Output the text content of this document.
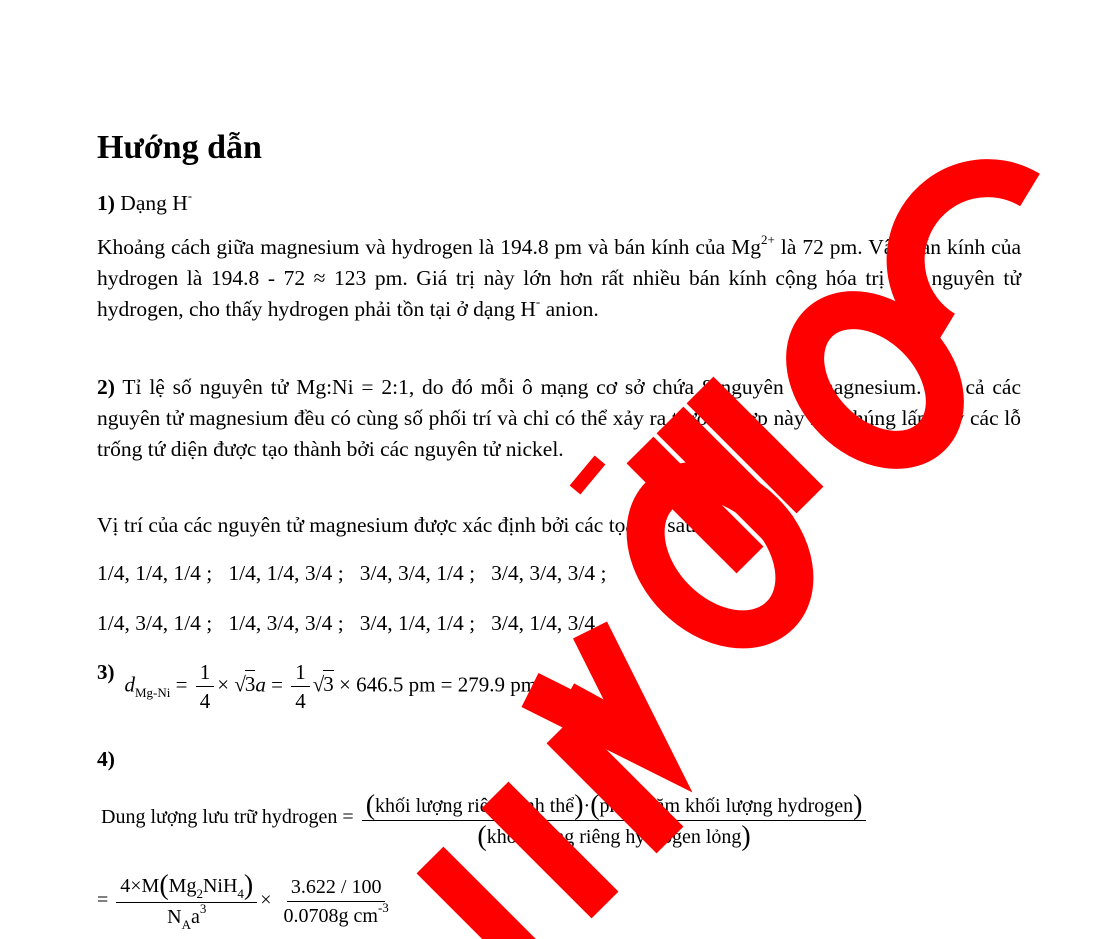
Hướng dẫn

1) Dạng H-

Khoảng cách giữa magnesium và hydrogen là 194.8 pm và bán kính của $Mg^{2+}$ là 72 pm. Vậy bán kính của hydrogen là 194.8 - 72 ≈ 123 pm. Giá trị này lớn hơn rất nhiều bán kính cộng hóa trị của nguyên tử hydrogen, cho thấy hydrogen phải tồn tại ở dạng H- anion.

2) Tỉ lệ số nguyên tử Mg:Ni = 2:1, do đó mỗi ô mạng cơ sở chứa 8 nguyên tử magnesium. Tất cả các nguyên tử magnesium đều có cùng số phối trí và chỉ có thể xảy ra trường hợp này khi chúng lấp đầy các lỗ trống tứ diện được tạo thành bởi các nguyên tử nickel.

Vị trí của các nguyên tử magnesium được xác định bởi các tọa độ sau:

1/4, 1/4, 1/4 ;   1/4, 1/4, 3/4 ;   3/4, 3/4, 1/4 ;   3/4, 3/4, 3/4 ;

1/4, 3/4, 1/4 ;   1/4, 3/4, 3/4 ;   3/4, 1/4, 1/4 ;   3/4, 1/4, 3/4

3) $d_{Mg-Ni} = \frac{1}{4} \times √3a = \frac{1}{4} √3 \times 646.5$ pm = 279.9 pm
4)
Dung lượng lưu trữ hydrogen = $\frac{\text{(khối lượng riêng tinh thể)·(phần trăm khối lượng hydrogen)}}{\text{(khối lượng riêng hydrogen lỏng)}}$
= $\frac{4\times M(Mg_2NiH_4)}{N_Aa^3} \times \frac{3.622 / 100}{0.0708g cm^{-3}}$
